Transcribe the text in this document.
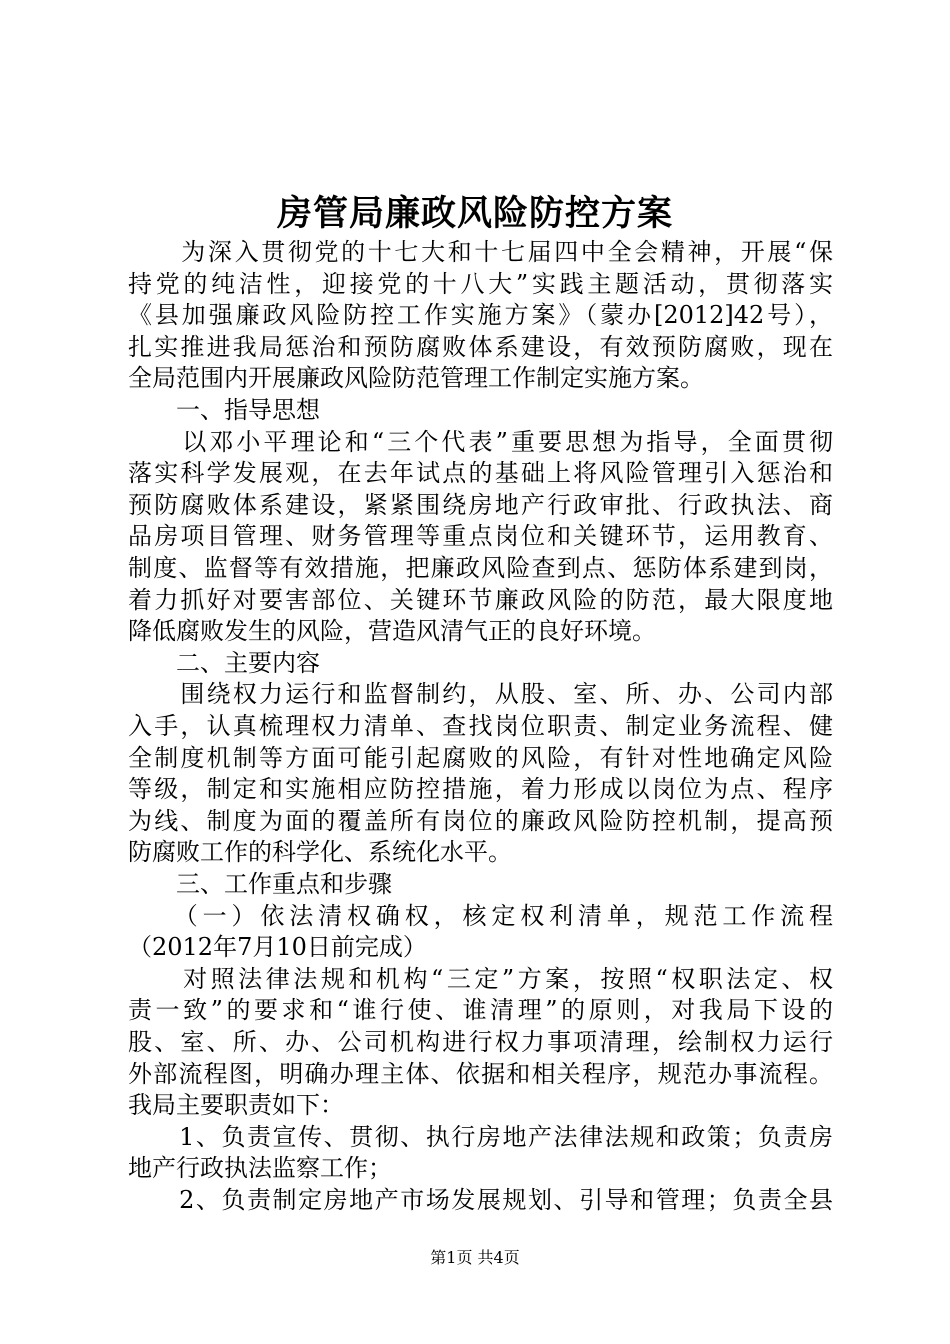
房管局廉政风险防控方案
　　为深入贯彻党的十七大和十七届四中全会精神，开展“保
持党的纯洁性，迎接党的十八大”实践主题活动，贯彻落实
《县加强廉政风险防控工作实施方案》（蒙办[2012]42号），
扎实推进我局惩治和预防腐败体系建设，有效预防腐败，现在
全局范围内开展廉政风险防范管理工作制定实施方案。
　　一、指导思想
　　以邓小平理论和“三个代表”重要思想为指导，全面贯彻
落实科学发展观，在去年试点的基础上将风险管理引入惩治和
预防腐败体系建设，紧紧围绕房地产行政审批、行政执法、商
品房项目管理、财务管理等重点岗位和关键环节，运用教育、
制度、监督等有效措施，把廉政风险查到点、惩防体系建到岗，
着力抓好对要害部位、关键环节廉政风险的防范，最大限度地
降低腐败发生的风险，营造风清气正的良好环境。
　　二、主要内容
　　围绕权力运行和监督制约，从股、室、所、办、公司内部
入手，认真梳理权力清单、查找岗位职责、制定业务流程、健
全制度机制等方面可能引起腐败的风险，有针对性地确定风险
等级，制定和实施相应防控措施，着力形成以岗位为点、程序
为线、制度为面的覆盖所有岗位的廉政风险防控机制，提高预
防腐败工作的科学化、系统化水平。
　　三、工作重点和步骤
　　（一）依法清权确权，核定权利清单，规范工作流程
（2012年7月10日前完成）
　　对照法律法规和机构“三定”方案，按照“权职法定、权
责一致”的要求和“谁行使、谁清理”的原则，对我局下设的
股、室、所、办、公司机构进行权力事项清理，绘制权力运行
外部流程图，明确办理主体、依据和相关程序，规范办事流程。
我局主要职责如下：
　　1、负责宣传、贯彻、执行房地产法律法规和政策；负责房
地产行政执法监察工作；
　　2、负责制定房地产市场发展规划、引导和管理；负责全县
第1页 共4页
